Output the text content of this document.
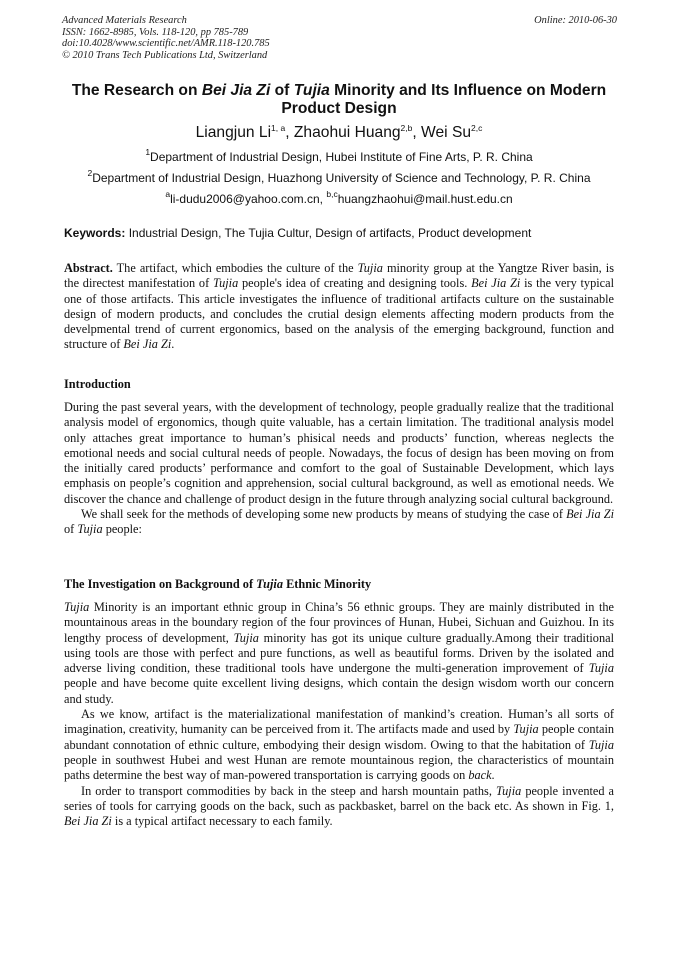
Advanced Materials Research
ISSN: 1662-8985, Vols. 118-120, pp 785-789
doi:10.4028/www.scientific.net/AMR.118-120.785
© 2010 Trans Tech Publications Ltd, Switzerland
Online: 2010-06-30
The Research on Bei Jia Zi of Tujia Minority and Its Influence on Modern Product Design
Liangjun Li$^{1, a}$, Zhaohui Huang$^{2,b}$, Wei Su$^{2,c}$
$^1$Department of Industrial Design, Hubei Institute of Fine Arts, P. R. China
$^2$Department of Industrial Design, Huazhong University of Science and Technology, P. R. China
$^a$li-dudu2006@yahoo.com.cn, $^{b,c}$huangzhaohui@mail.hust.edu.cn
Keywords: Industrial Design, The Tujia Cultur, Design of artifacts, Product development

Abstract. The artifact, which embodies the culture of the Tujia minority group at the Yangtze River basin, is the directest manifestation of Tujia people's idea of creating and designing tools. Bei Jia Zi is the very typical one of those artifacts. This article investigates the influence of traditional artifacts culture on the sustainable design of modern products, and concludes the crutial design elements affecting modern products from the develpmental trend of current ergonomics, based on the analysis of the emerging background, function and structure of Bei Jia Zi.

Introduction

During the past several years, with the development of technology, people gradually realize that the traditional analysis model of ergonomics, though quite valuable, has a certain limitation. The traditional analysis model only attaches great importance to human’s phisical needs and products’ function, whereas neglects the emotional needs and social cultural needs of people. Nowadays, the focus of design has been moving on from the initially cared products’ performance and comfort to the goal of Sustainable Development, which lays emphasis on people’s cognition and apprehension, social cultural background, as well as emotional needs. We discover the chance and challenge of product design in the future through analyzing social cultural background.

We shall seek for the methods of developing some new products by means of studying the case of Bei Jia Zi of Tujia people:

The Investigation on Background of Tujia Ethnic Minority

Tujia Minority is an important ethnic group in China’s 56 ethnic groups. They are mainly distributed in the mountainous areas in the boundary region of the four provinces of Hunan, Hubei, Sichuan and Guizhou. In its lengthy process of development, Tujia minority has got its unique culture gradually.Among their traditional using tools are those with perfect and pure functions, as well as beautiful forms. Driven by the isolated and adverse living condition, these traditional tools have undergone the multi-generation improvement of Tujia people and have become quite excellent living designs, which contain the design wisdom worth our concern and study.

As we know, artifact is the materializational manifestation of mankind’s creation. Human’s all sorts of imagination, creativity, humanity can be perceived from it. The artifacts made and used by Tujia people contain abundant connotation of ethnic culture, embodying their design wisdom. Owing to that the habitation of Tujia people in southwest Hubei and west Hunan are remote mountainous region, the characteristics of mountain paths determine the best way of man-powered transportation is carrying goods on back.

In order to transport commodities by back in the steep and harsh mountain paths, Tujia people invented a series of tools for carrying goods on the back, such as packbasket, barrel on the back etc. As shown in Fig. 1, Bei Jia Zi is a typical artifact necessary to each family.
